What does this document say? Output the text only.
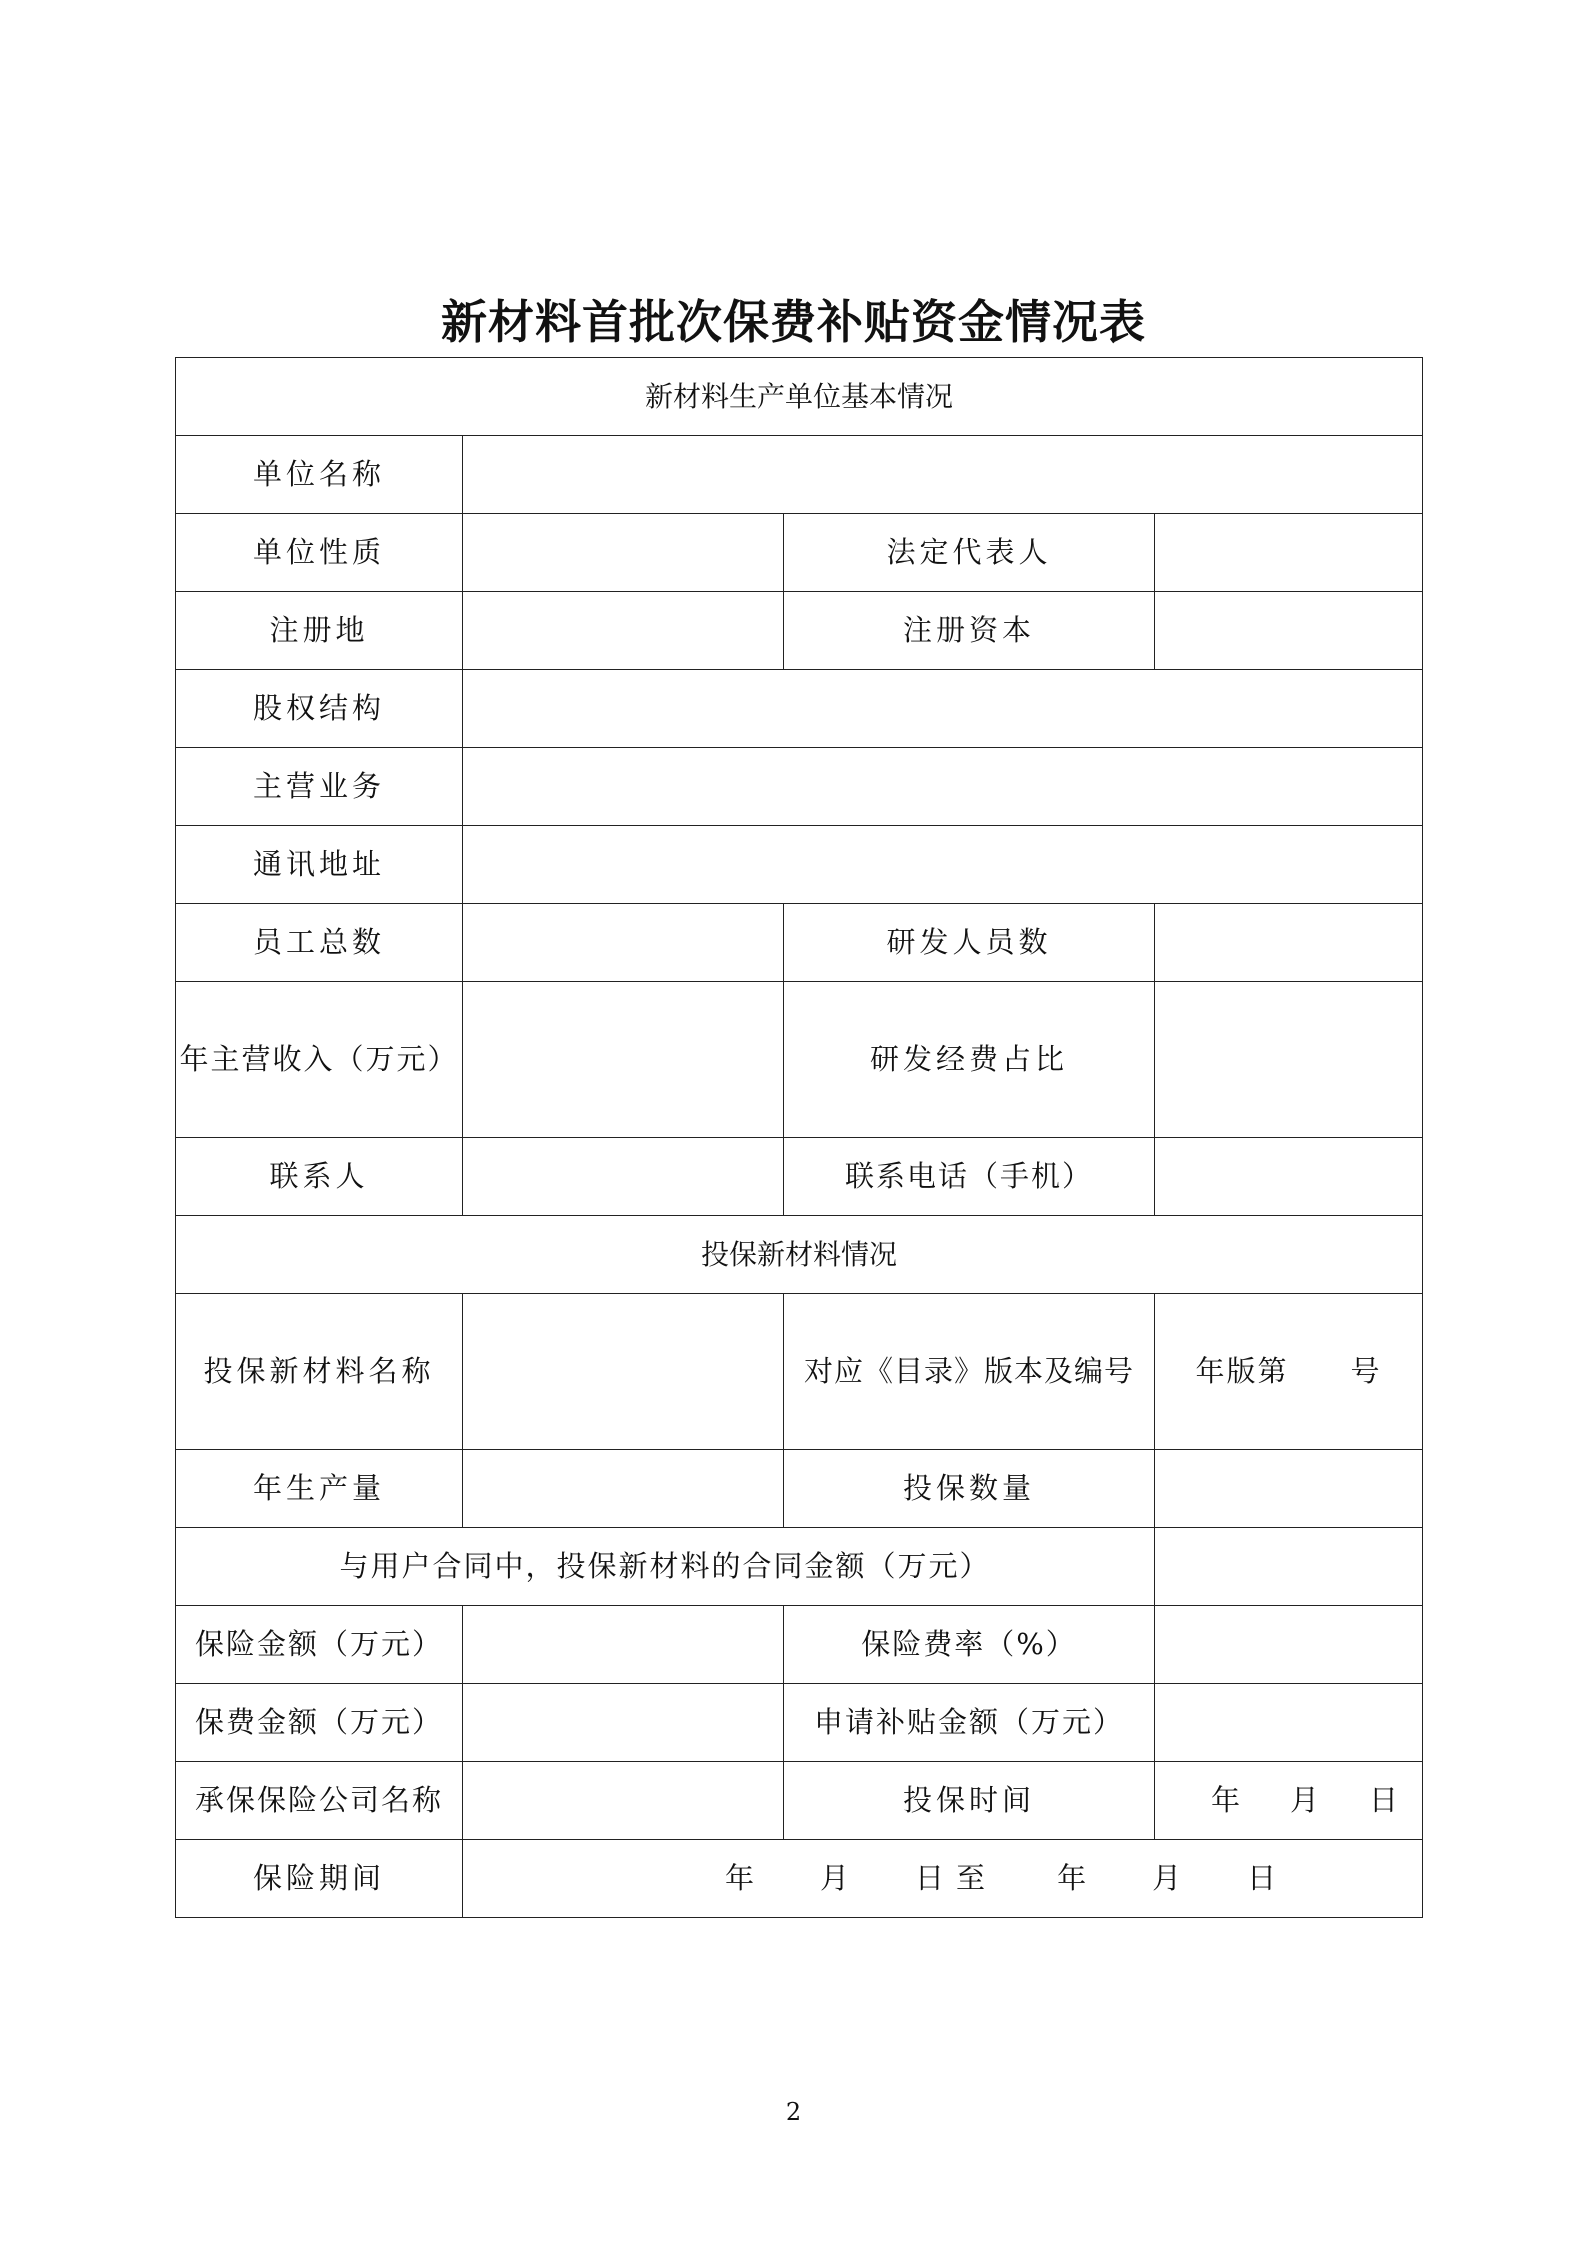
新材料首批次保费补贴资金情况表
新材料生产单位基本情况			
单位名称			
单位性质		法定代表人	
注册地		注册资本	
股权结构			
主营业务			
通讯地址			
员工总数		研发人员数	
年主营收入（万元）		研发经费占比	
联系人		联系电话（手机）	
投保新材料情况			
投保新材料名称		对应《目录》版本及编号	年版第 号
年生产量		投保数量	
与用户合同中，投保新材料的合同金额（万元）			
保险金额（万元）		保险费率（%）	
保费金额（万元）		申请补贴金额（万元）	
承保保险公司名称		投保时间	年 月 日
保险期间	年 月 日 至 年 月 日		
2
